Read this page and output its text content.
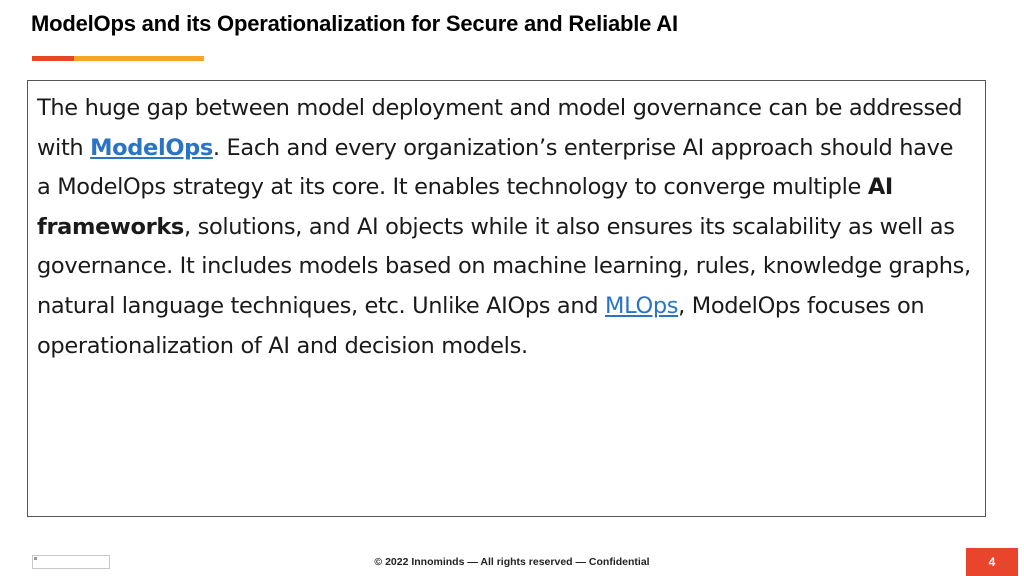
ModelOps and its Operationalization for Secure and Reliable AI

The huge gap between model deployment and model governance can be addressed with ModelOps. Each and every organization’s enterprise AI approach should have a ModelOps strategy at its core. It enables technology to converge multiple AI frameworks, solutions, and AI objects while it also ensures its scalability as well as governance. It includes models based on machine learning, rules, knowledge graphs, natural language techniques, etc. Unlike AIOps and MLOps, ModelOps focuses on operationalization of AI and decision models.

© 2022 Innominds — All rights reserved — Confidential	4
